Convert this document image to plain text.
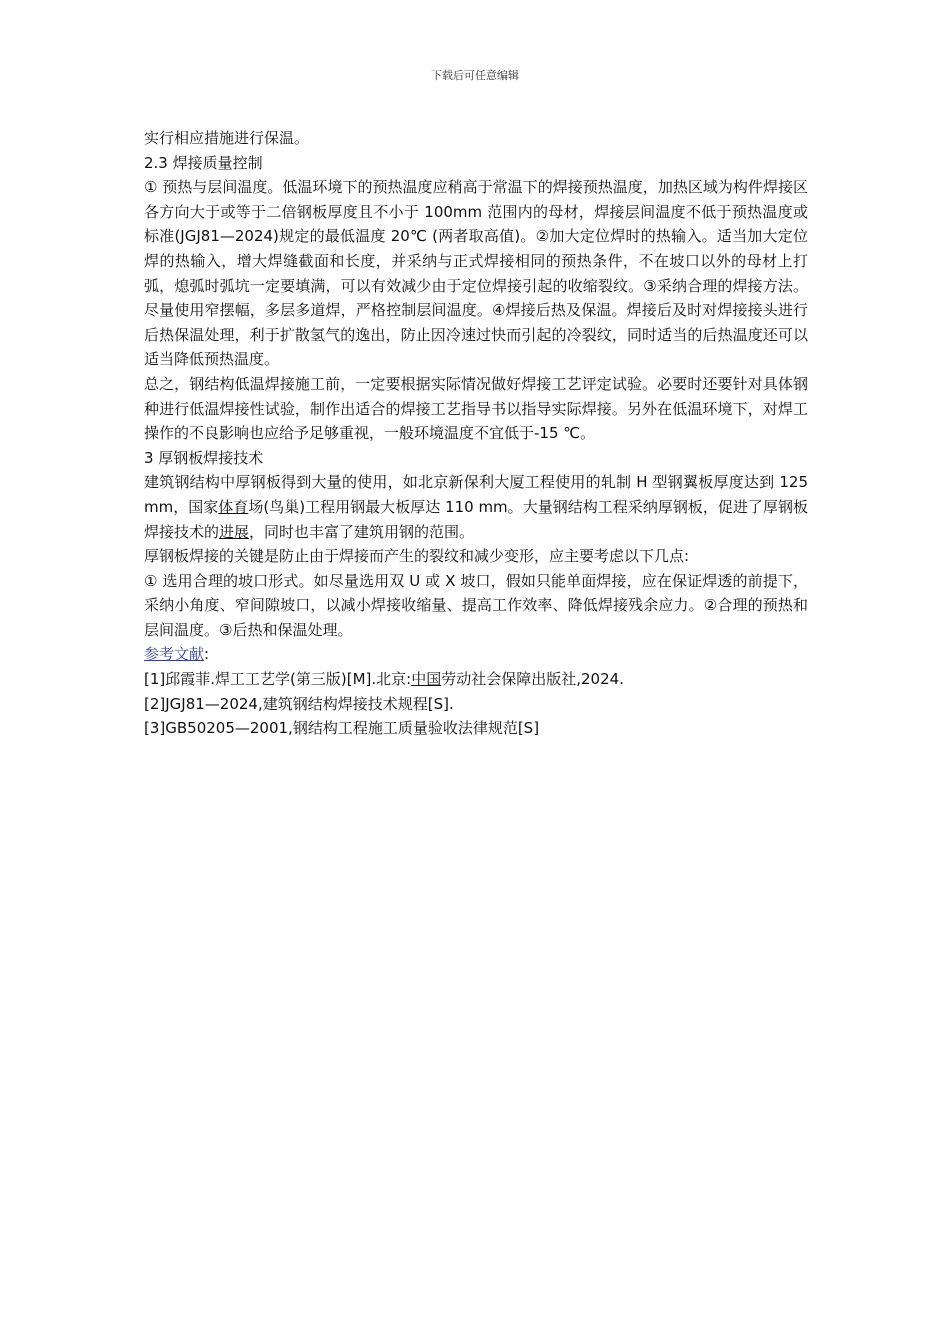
下载后可任意编辑

实行相应措施进行保温。

2.3 焊接质量控制

① 预热与层间温度。低温环境下的预热温度应稍高于常温下的焊接预热温度，加热区域为构件焊接区各方向大于或等于二倍钢板厚度且不小于 100mm 范围内的母材，焊接层间温度不低于预热温度或标准(JGJ81—2024)规定的最低温度 20℃ (两者取高值)。②加大定位焊时的热输入。适当加大定位焊的热输入，增大焊缝截面和长度，并采纳与正式焊接相同的预热条件，不在坡口以外的母材上打弧，熄弧时弧坑一定要填满，可以有效减少由于定位焊接引起的收缩裂纹。③采纳合理的焊接方法。尽量使用窄摆幅，多层多道焊，严格控制层间温度。④焊接后热及保温。焊接后及时对焊接接头进行后热保温处理，利于扩散氢气的逸出，防止因冷速过快而引起的冷裂纹，同时适当的后热温度还可以适当降低预热温度。

总之，钢结构低温焊接施工前，一定要根据实际情况做好焊接工艺评定试验。必要时还要针对具体钢种进行低温焊接性试验，制作出适合的焊接工艺指导书以指导实际焊接。另外在低温环境下，对焊工操作的不良影响也应给予足够重视，一般环境温度不宜低于-15 ℃。

3 厚钢板焊接技术

建筑钢结构中厚钢板得到大量的使用，如北京新保利大厦工程使用的轧制 H 型钢翼板厚度达到 125 mm，国家体育场(鸟巢)工程用钢最大板厚达 110 mm。大量钢结构工程采纳厚钢板，促进了厚钢板焊接技术的进展，同时也丰富了建筑用钢的范围。

厚钢板焊接的关键是防止由于焊接而产生的裂纹和减少变形，应主要考虑以下几点:

① 选用合理的坡口形式。如尽量选用双 U 或 X 坡口，假如只能单面焊接，应在保证焊透的前提下，采纳小角度、窄间隙坡口，以减小焊接收缩量、提高工作效率、降低焊接残余应力。②合理的预热和层间温度。③后热和保温处理。

参考文献:

[1]邱霞菲.焊工工艺学(第三版)[M].北京:中国劳动社会保障出版社,2024.

[2]JGJ81—2024,建筑钢结构焊接技术规程[S].

[3]GB50205—2001,钢结构工程施工质量验收法律规范[S]
